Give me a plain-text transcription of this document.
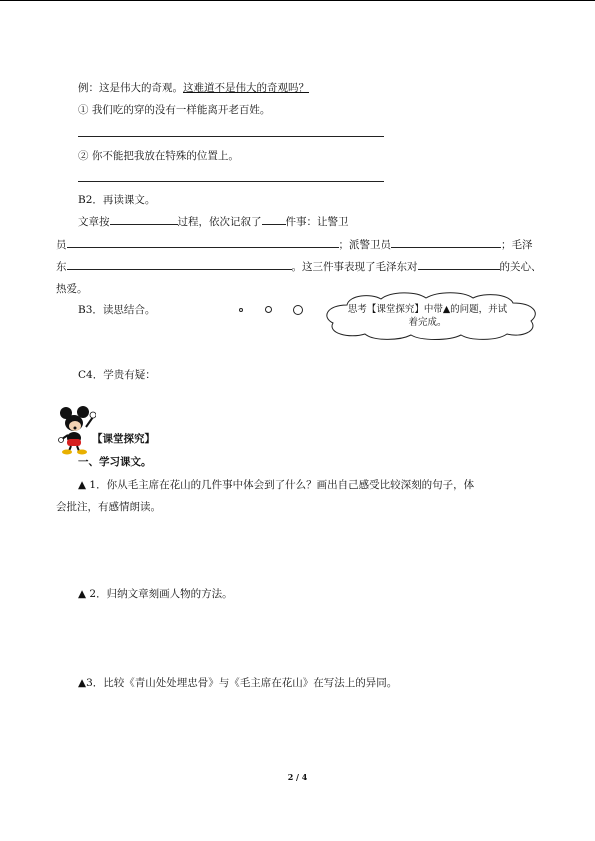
例：这是伟大的奇观。这难道不是伟大的奇观吗？
① 我们吃的穿的没有一样能离开老百姓。
② 你不能把我放在特殊的位置上。
B2．再读课文。
文章按	过程，依次记叙了 件事：让警卫
员	；派警卫员	；毛泽
东	。这三件事表现了毛泽东对	的关心、
热爱。
B3．读思结合。	思考【课堂探究】中带▲的问题，并试着完成。
C4．学贵有疑：
【课堂探究】
一、学习课文。
▲ 1．你从毛主席在花山的几件事中体会到了什么？画出自己感受比较深刻的句子，体
会批注，有感情朗读。
▲ 2．归纳文章刻画人物的方法。
▲3．比较《青山处处埋忠骨》与《毛主席在花山》在写法上的异同。
2 / 4
